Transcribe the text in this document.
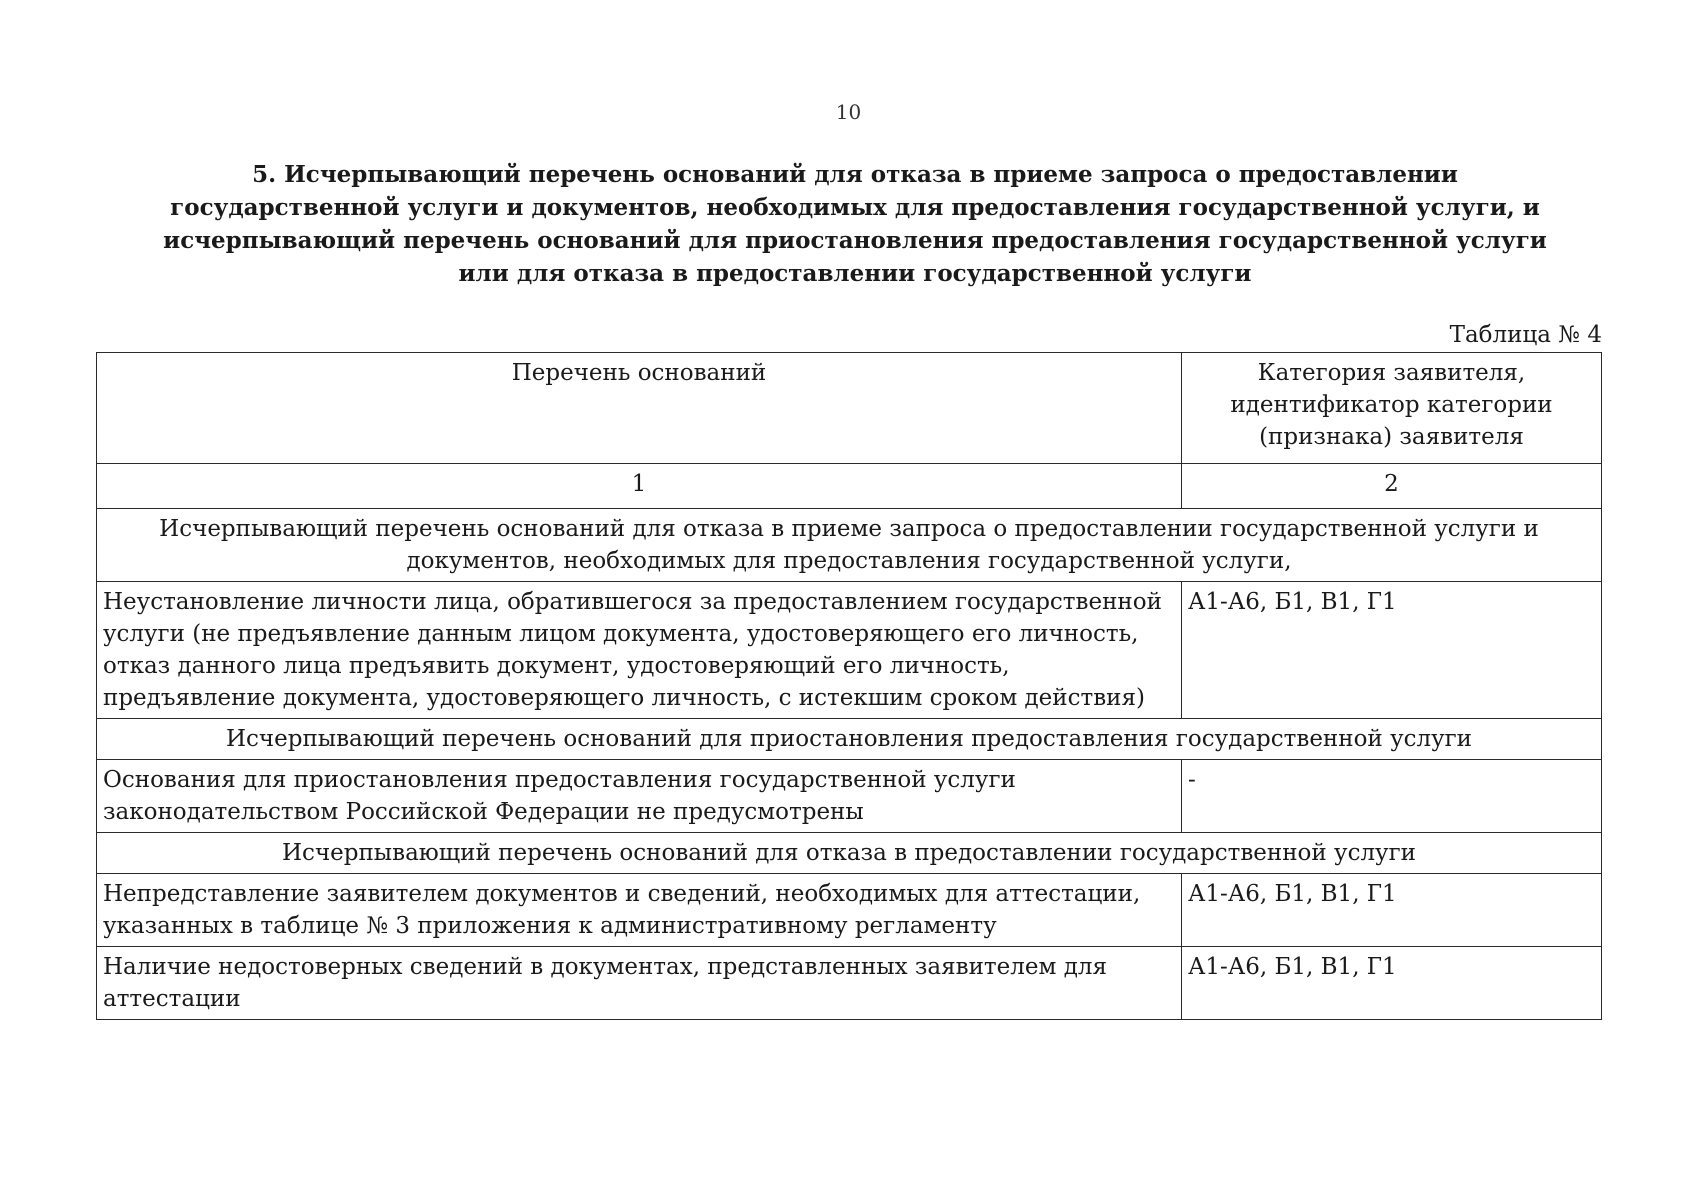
10
5. Исчерпывающий перечень оснований для отказа в приеме запроса о предоставлении государственной услуги и документов, необходимых для предоставления государственной услуги, и исчерпывающий перечень оснований для приостановления предоставления государственной услуги или для отказа в предоставлении государственной услуги
Таблица № 4
Перечень оснований	Категория заявителя, идентификатор категории (признака) заявителя
1	2
Исчерпывающий перечень оснований для отказа в приеме запроса о предоставлении государственной услуги и документов, необходимых для предоставления государственной услуги,	
Неустановление личности лица, обратившегося за предоставлением государственной услуги (не предъявление данным лицом документа, удостоверяющего его личность, отказ данного лица предъявить документ, удостоверяющий его личность, предъявление документа, удостоверяющего личность, с истекшим сроком действия)	А1-А6, Б1, В1, Г1
Исчерпывающий перечень оснований для приостановления предоставления государственной услуги	
Основания для приостановления предоставления государственной услуги законодательством Российской Федерации не предусмотрены	-
Исчерпывающий перечень оснований для отказа в предоставлении государственной услуги	
Непредставление заявителем документов и сведений, необходимых для аттестации, указанных в таблице № 3 приложения к административному регламенту	А1-А6, Б1, В1, Г1
Наличие недостоверных сведений в документах, представленных заявителем для аттестации	А1-А6, Б1, В1, Г1
